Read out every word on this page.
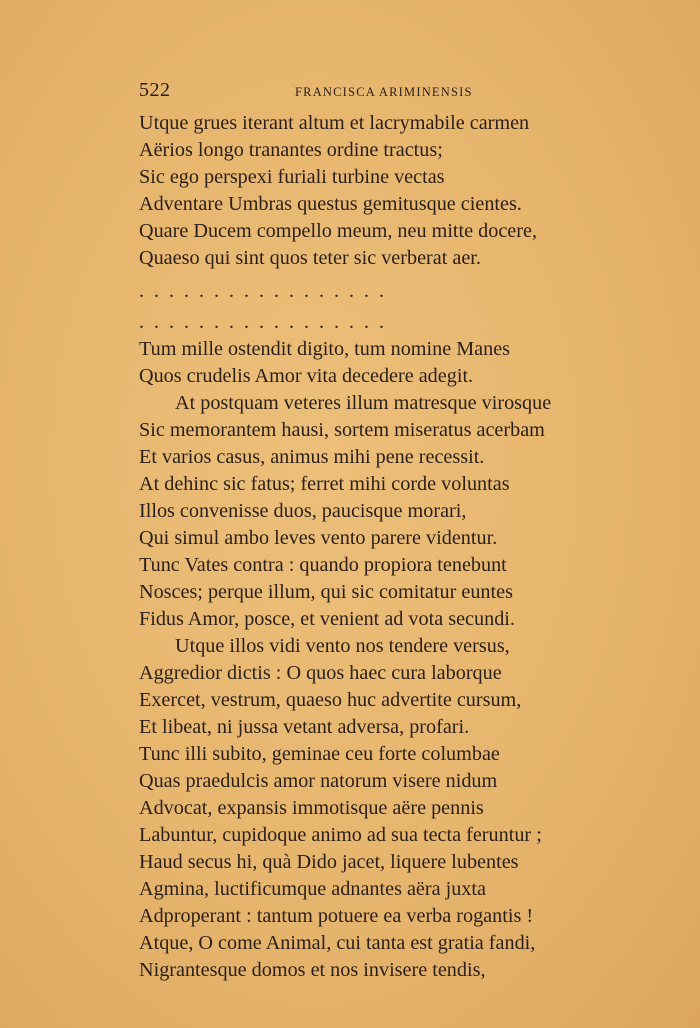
522	FRANCISCA ARIMINENSIS
Utque grues iterant altum et lacrymabile carmen
Aërios longo tranantes ordine tractus;
Sic ego perspexi furiali turbine vectas
Adventare Umbras questus gemitusque cientes.
Quare Ducem compello meum, neu mitte docere,
Quaeso qui sint quos teter sic verberat aer.
.  .  .  .  .  .  .  .  .  .  .  .  .  .  .  .  .
.  .  .  .  .  .  .  .  .  .  .  .  .  .  .  .  .
Tum mille ostendit digito, tum nomine Manes
Quos crudelis Amor vita decedere adegit.
At postquam veteres illum matresque virosque
Sic memorantem hausi, sortem miseratus acerbam
Et varios casus, animus mihi pene recessit.
At dehinc sic fatus; ferret mihi corde voluntas
Illos convenisse duos, paucisque morari,
Qui simul ambo leves vento parere videntur.
Tunc Vates contra : quando propiora tenebunt
Nosces; perque illum, qui sic comitatur euntes
Fidus Amor, posce, et venient ad vota secundi.
Utque illos vidi vento nos tendere versus,
Aggredior dictis : O quos haec cura laborque
Exercet, vestrum, quaeso huc advertite cursum,
Et libeat, ni jussa vetant adversa, profari.
Tunc illi subito, geminae ceu forte columbae
Quas praedulcis amor natorum visere nidum
Advocat, expansis immotisque aëre pennis
Labuntur, cupidoque animo ad sua tecta feruntur ;
Haud secus hi, quà Dido jacet, liquere lubentes
Agmina, luctificumque adnantes aëra juxta
Adproperant : tantum potuere ea verba rogantis !
Atque, O come Animal, cui tanta est gratia fandi,
Nigrantesque domos et nos invisere tendis,
